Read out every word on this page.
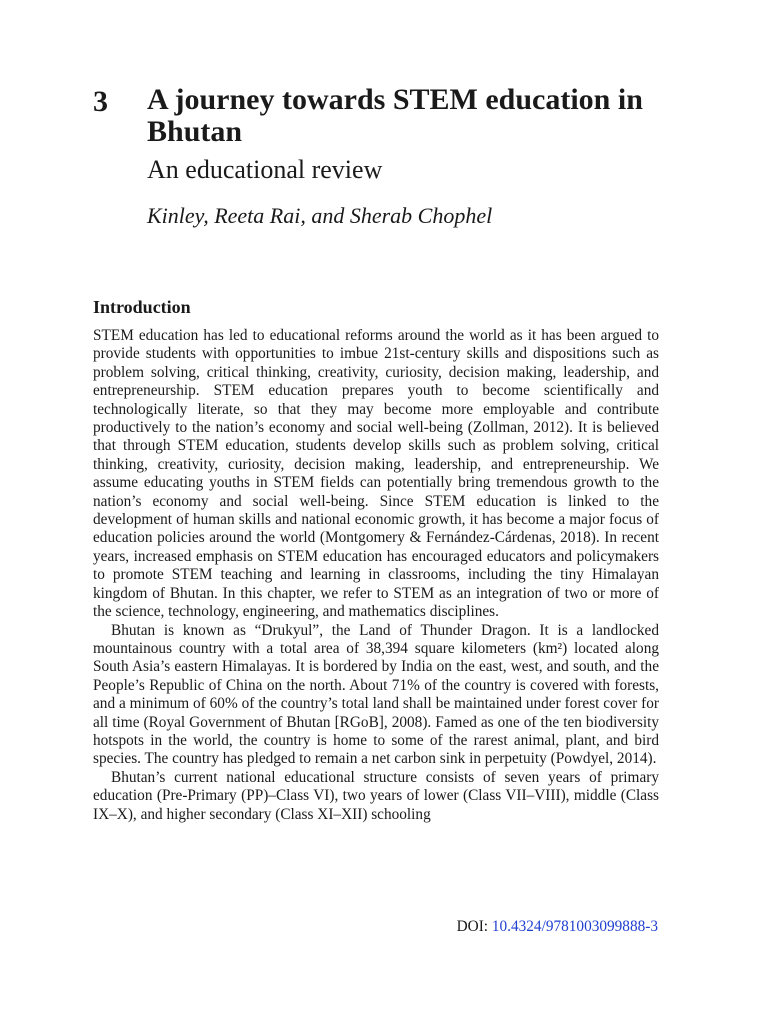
3 A journey towards STEM education in Bhutan
An educational review
Kinley, Reeta Rai, and Sherab Chophel
Introduction

STEM education has led to educational reforms around the world as it has been argued to provide students with opportunities to imbue 21st-century skills and dispositions such as problem solving, critical thinking, creativity, curiosity, decision making, leadership, and entrepreneurship. STEM education prepares youth to become scientifically and technologically literate, so that they may become more employable and contribute productively to the nation’s economy and social well-being (Zollman, 2012). It is believed that through STEM education, students develop skills such as problem solving, critical thinking, creativity, curiosity, decision making, leadership, and entrepreneurship. We assume educating youths in STEM fields can potentially bring tremendous growth to the nation’s economy and social well-being. Since STEM education is linked to the development of human skills and national economic growth, it has become a major focus of education policies around the world (Montgomery & Fernández-Cárdenas, 2018). In recent years, increased emphasis on STEM education has encouraged educators and policymakers to promote STEM teaching and learning in classrooms, including the tiny Himalayan kingdom of Bhutan. In this chapter, we refer to STEM as an integration of two or more of the science, technology, engineering, and mathematics disciplines.

Bhutan is known as “Drukyul”, the Land of Thunder Dragon. It is a landlocked mountainous country with a total area of 38,394 square kilometers (km²) located along South Asia’s eastern Himalayas. It is bordered by India on the east, west, and south, and the People’s Republic of China on the north. About 71% of the country is covered with forests, and a minimum of 60% of the country’s total land shall be maintained under forest cover for all time (Royal Government of Bhutan [RGoB], 2008). Famed as one of the ten biodiversity hotspots in the world, the country is home to some of the rarest animal, plant, and bird species. The country has pledged to remain a net carbon sink in perpetuity (Powdyel, 2014).

Bhutan’s current national educational structure consists of seven years of primary education (Pre-Primary (PP)–Class VI), two years of lower (Class VII–VIII), middle (Class IX–X), and higher secondary (Class XI–XII) schooling

DOI: 10.4324/9781003099888-3
